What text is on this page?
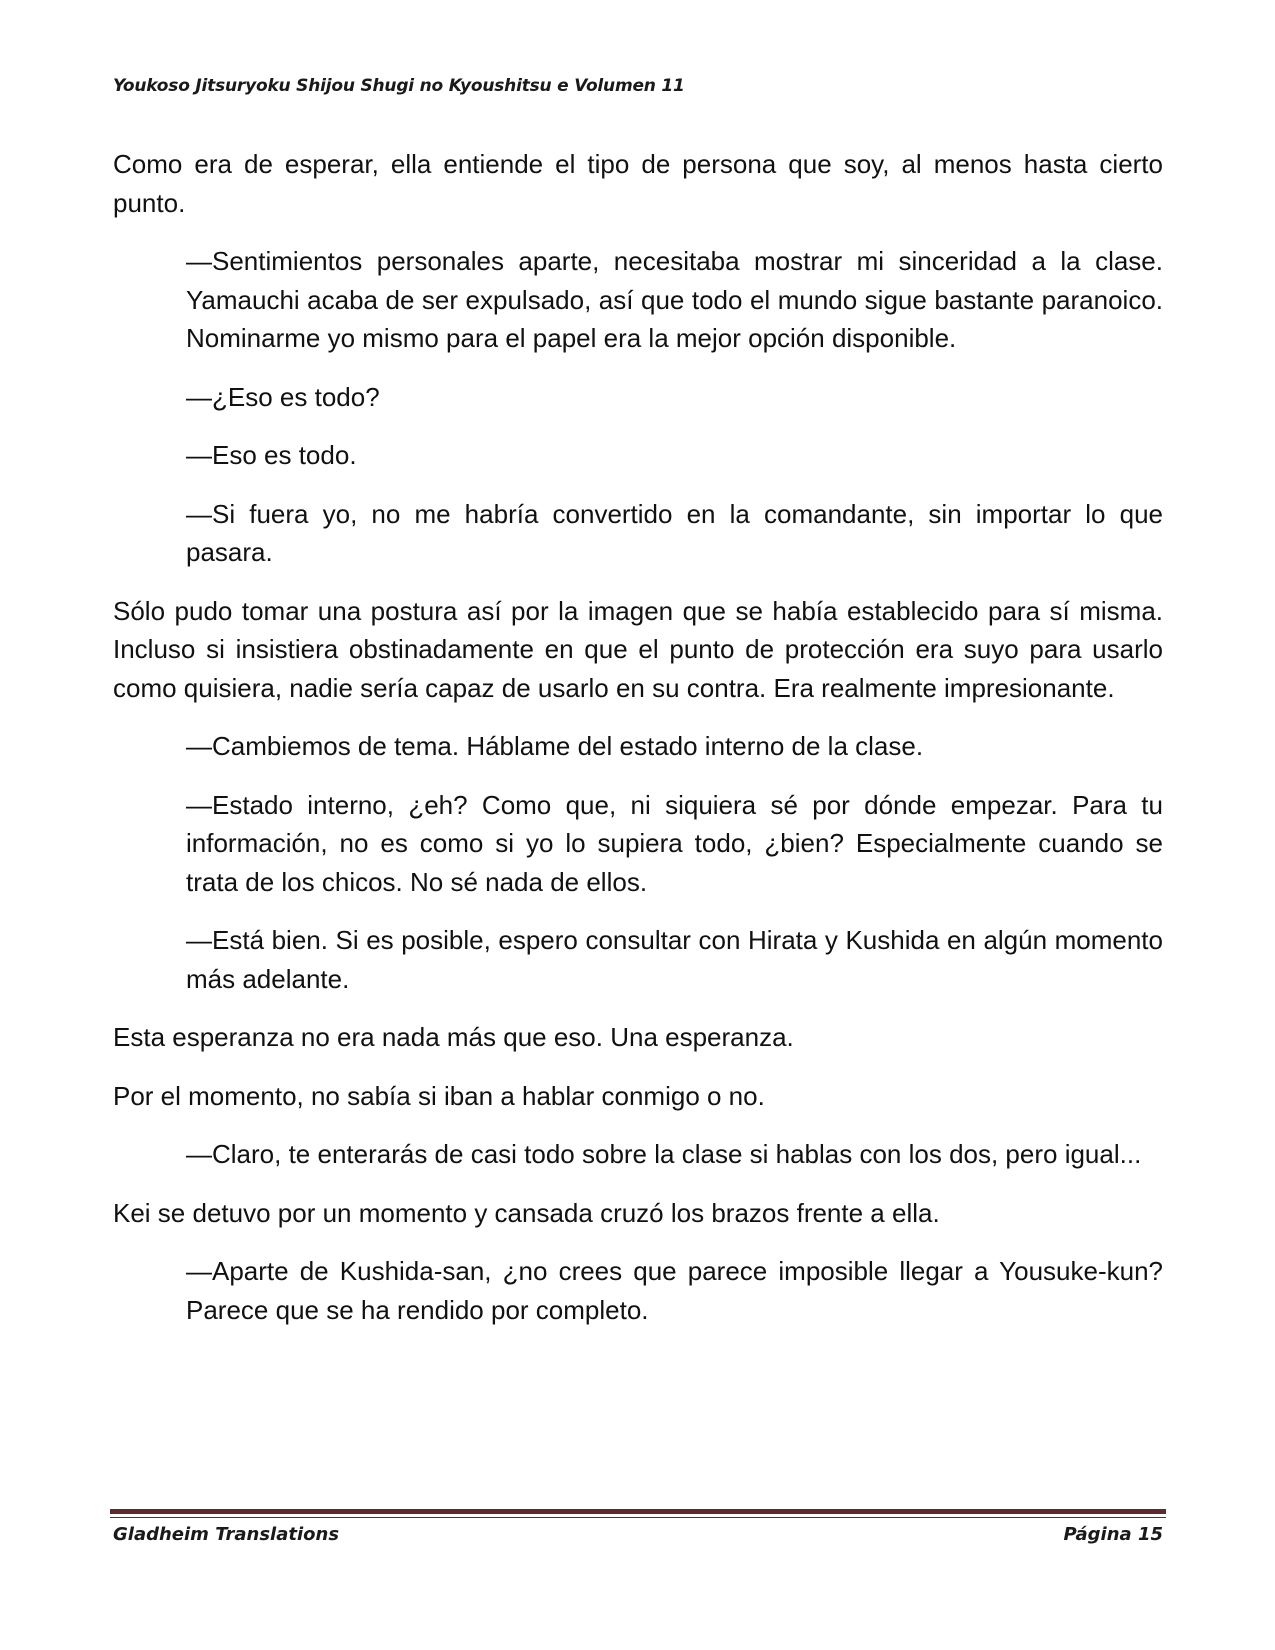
Youkoso Jitsuryoku Shijou Shugi no Kyoushitsu e Volumen 11

Como era de esperar, ella entiende el tipo de persona que soy, al menos hasta cierto punto.

—Sentimientos personales aparte, necesitaba mostrar mi sinceridad a la clase. Yamauchi acaba de ser expulsado, así que todo el mundo sigue bastante paranoico. Nominarme yo mismo para el papel era la mejor opción disponible.

—¿Eso es todo?

—Eso es todo.

—Si fuera yo, no me habría convertido en la comandante, sin importar lo que pasara.

Sólo pudo tomar una postura así por la imagen que se había establecido para sí misma. Incluso si insistiera obstinadamente en que el punto de protección era suyo para usarlo como quisiera, nadie sería capaz de usarlo en su contra. Era realmente impresionante.

—Cambiemos de tema. Háblame del estado interno de la clase.

—Estado interno, ¿eh? Como que, ni siquiera sé por dónde empezar. Para tu información, no es como si yo lo supiera todo, ¿bien? Especialmente cuando se trata de los chicos. No sé nada de ellos.

—Está bien. Si es posible, espero consultar con Hirata y Kushida en algún momento más adelante.

Esta esperanza no era nada más que eso. Una esperanza.

Por el momento, no sabía si iban a hablar conmigo o no.

—Claro, te enterarás de casi todo sobre la clase si hablas con los dos, pero igual...

Kei se detuvo por un momento y cansada cruzó los brazos frente a ella.

—Aparte de Kushida-san, ¿no crees que parece imposible llegar a Yousuke-kun? Parece que se ha rendido por completo.

Gladheim Translations	Página 15
